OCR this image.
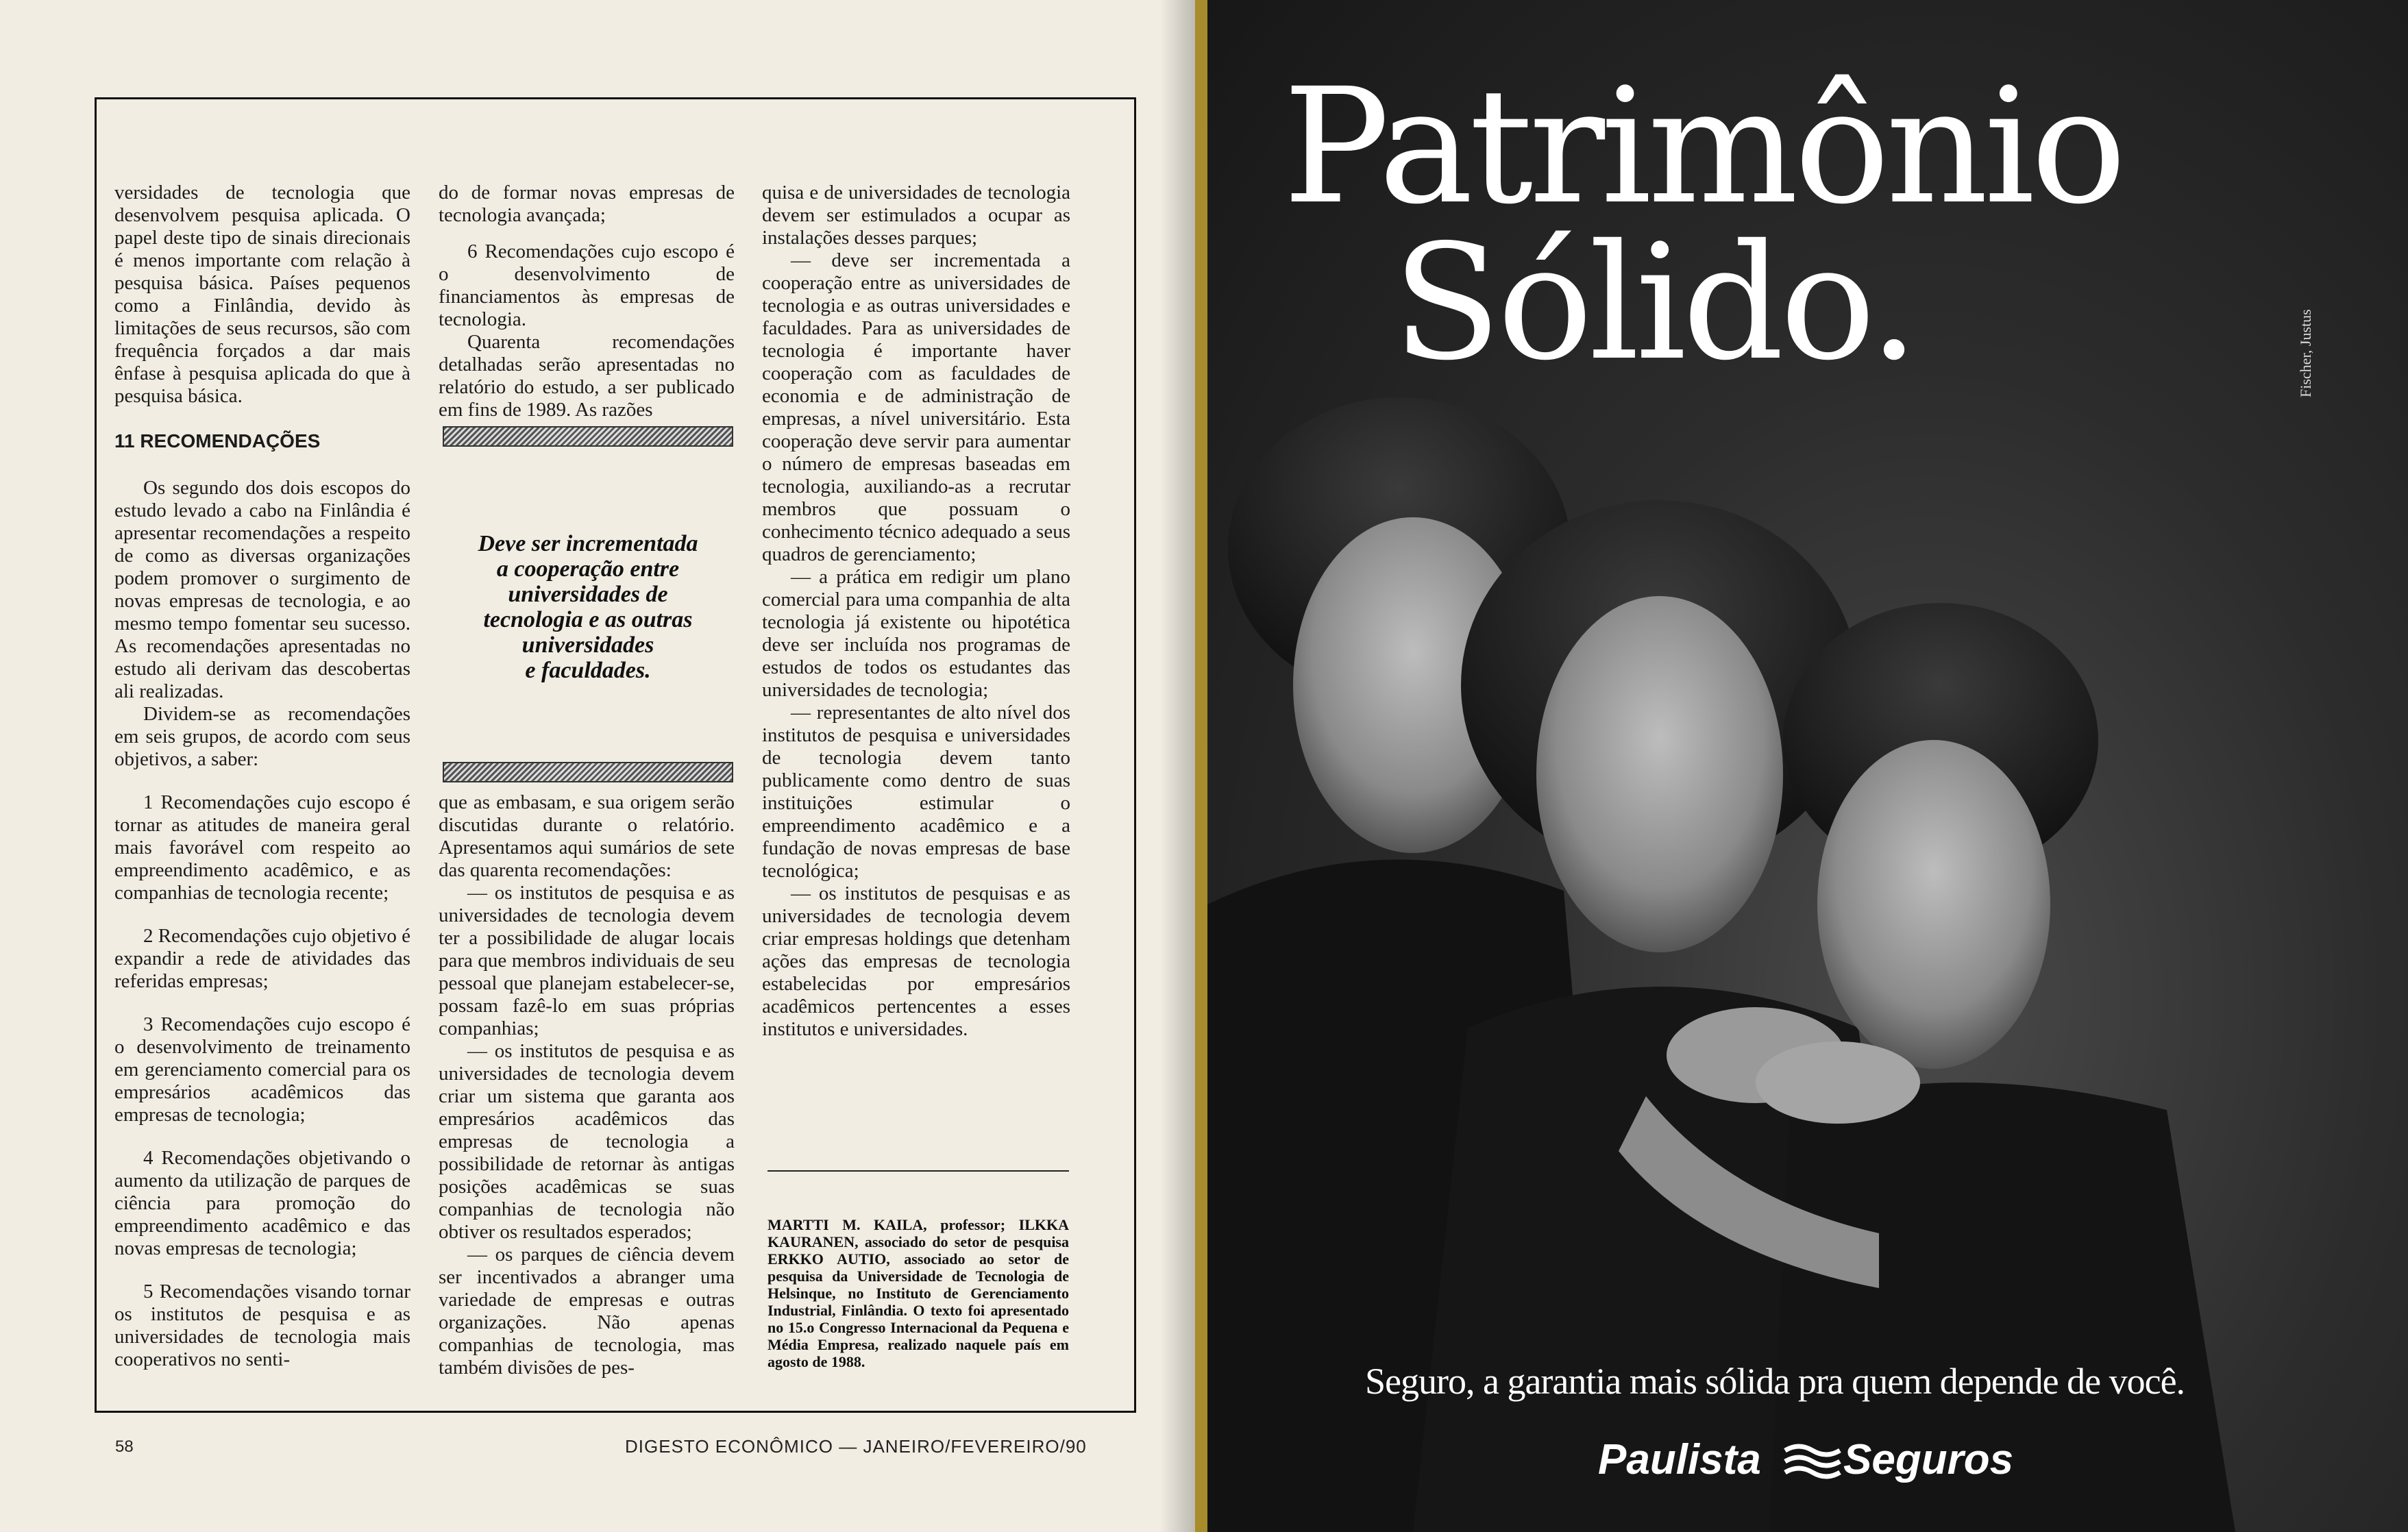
versidades de tecnologia que desenvolvem pesquisa aplicada. O papel deste tipo de sinais direcionais é menos importante com relação à pesquisa básica. Países pequenos como a Finlândia, devido às limitações de seus recursos, são com frequência forçados a dar mais ênfase à pesquisa aplicada do que à pesquisa básica.

11 RECOMENDAÇÕES

Os segundo dos dois escopos do estudo levado a cabo na Finlândia é apresentar recomendações a respeito de como as diversas organizações podem promover o surgimento de novas empresas de tecnologia, e ao mesmo tempo fomentar seu sucesso. As recomendações apresentadas no estudo ali derivam das descobertas ali realizadas.

Dividem-se as recomendações em seis grupos, de acordo com seus objetivos, a saber:

1 Recomendações cujo escopo é tornar as atitudes de maneira geral mais favorável com respeito ao empreendimento acadêmico, e as companhias de tecnologia recente;

2 Recomendações cujo objetivo é expandir a rede de atividades das referidas empresas;

3 Recomendações cujo escopo é o desenvolvimento de treinamento em gerenciamento comercial para os empresários acadêmicos das empresas de tecnologia;

4 Recomendações objetivando o aumento da utilização de parques de ciência para promoção do empreendimento acadêmico e das novas empresas de tecnologia;

5 Recomendações visando tornar os institutos de pesquisa e as universidades de tecnologia mais cooperativos no senti-

do de formar novas empresas de tecnologia avançada;

6 Recomendações cujo escopo é o desenvolvimento de financiamentos às empresas de tecnologia.

Quarenta recomendações detalhadas serão apresentadas no relatório do estudo, a ser publicado em fins de 1989. As razões

Deve ser incrementada
a cooperação entre
universidades de
tecnologia e as outras
universidades
e faculdades.

que as embasam, e sua origem serão discutidas durante o relatório. Apresentamos aqui sumários de sete das quarenta recomendações:

— os institutos de pesquisa e as universidades de tecnologia devem ter a possibilidade de alugar locais para que membros individuais de seu pessoal que planejam estabelecer-se, possam fazê-lo em suas próprias companhias;

— os institutos de pesquisa e as universidades de tecnologia devem criar um sistema que garanta aos empresários acadêmicos das empresas de tecnologia a possibilidade de retornar às antigas posições acadêmicas se suas companhias de tecnologia não obtiver os resultados esperados;

— os parques de ciência devem ser incentivados a abranger uma variedade de empresas e outras organizações. Não apenas companhias de tecnologia, mas também divisões de pes-

quisa e de universidades de tecnologia devem ser estimulados a ocupar as instalações desses parques;

— deve ser incrementada a cooperação entre as universidades de tecnologia e as outras universidades e faculdades. Para as universidades de tecnologia é importante haver cooperação com as faculdades de economia e de administração de empresas, a nível universitário. Esta cooperação deve servir para aumentar o número de empresas baseadas em tecnologia, auxiliando-as a recrutar membros que possuam o conhecimento técnico adequado a seus quadros de gerenciamento;

— a prática em redigir um plano comercial para uma companhia de alta tecnologia já existente ou hipotética deve ser incluída nos programas de estudos de todos os estudantes das universidades de tecnologia;

— representantes de alto nível dos institutos de pesquisa e universidades de tecnologia devem tanto publicamente como dentro de suas instituições estimular o empreendimento acadêmico e a fundação de novas empresas de base tecnológica;

— os institutos de pesquisas e as universidades de tecnologia devem criar empresas holdings que detenham ações das empresas de tecnologia estabelecidas por empresários acadêmicos pertencentes a esses institutos e universidades.

MARTTI M. KAILA, professor; ILKKA KAURANEN, associado do setor de pesquisa ERKKO AUTIO, associado ao setor de pesquisa da Universidade de Tecnologia de Helsinque, no Instituto de Gerenciamento Industrial, Finlândia. O texto foi apresentado no 15.o Congresso Internacional da Pequena e Média Empresa, realizado naquele país em agosto de 1988.
58	DIGESTO ECONÔMICO — JANEIRO/FEVEREIRO/90
Patrimônio
Sólido.	Fischer, Justus
Seguro, a garantia mais sólida pra quem depende de você.
Paulista Seguros
